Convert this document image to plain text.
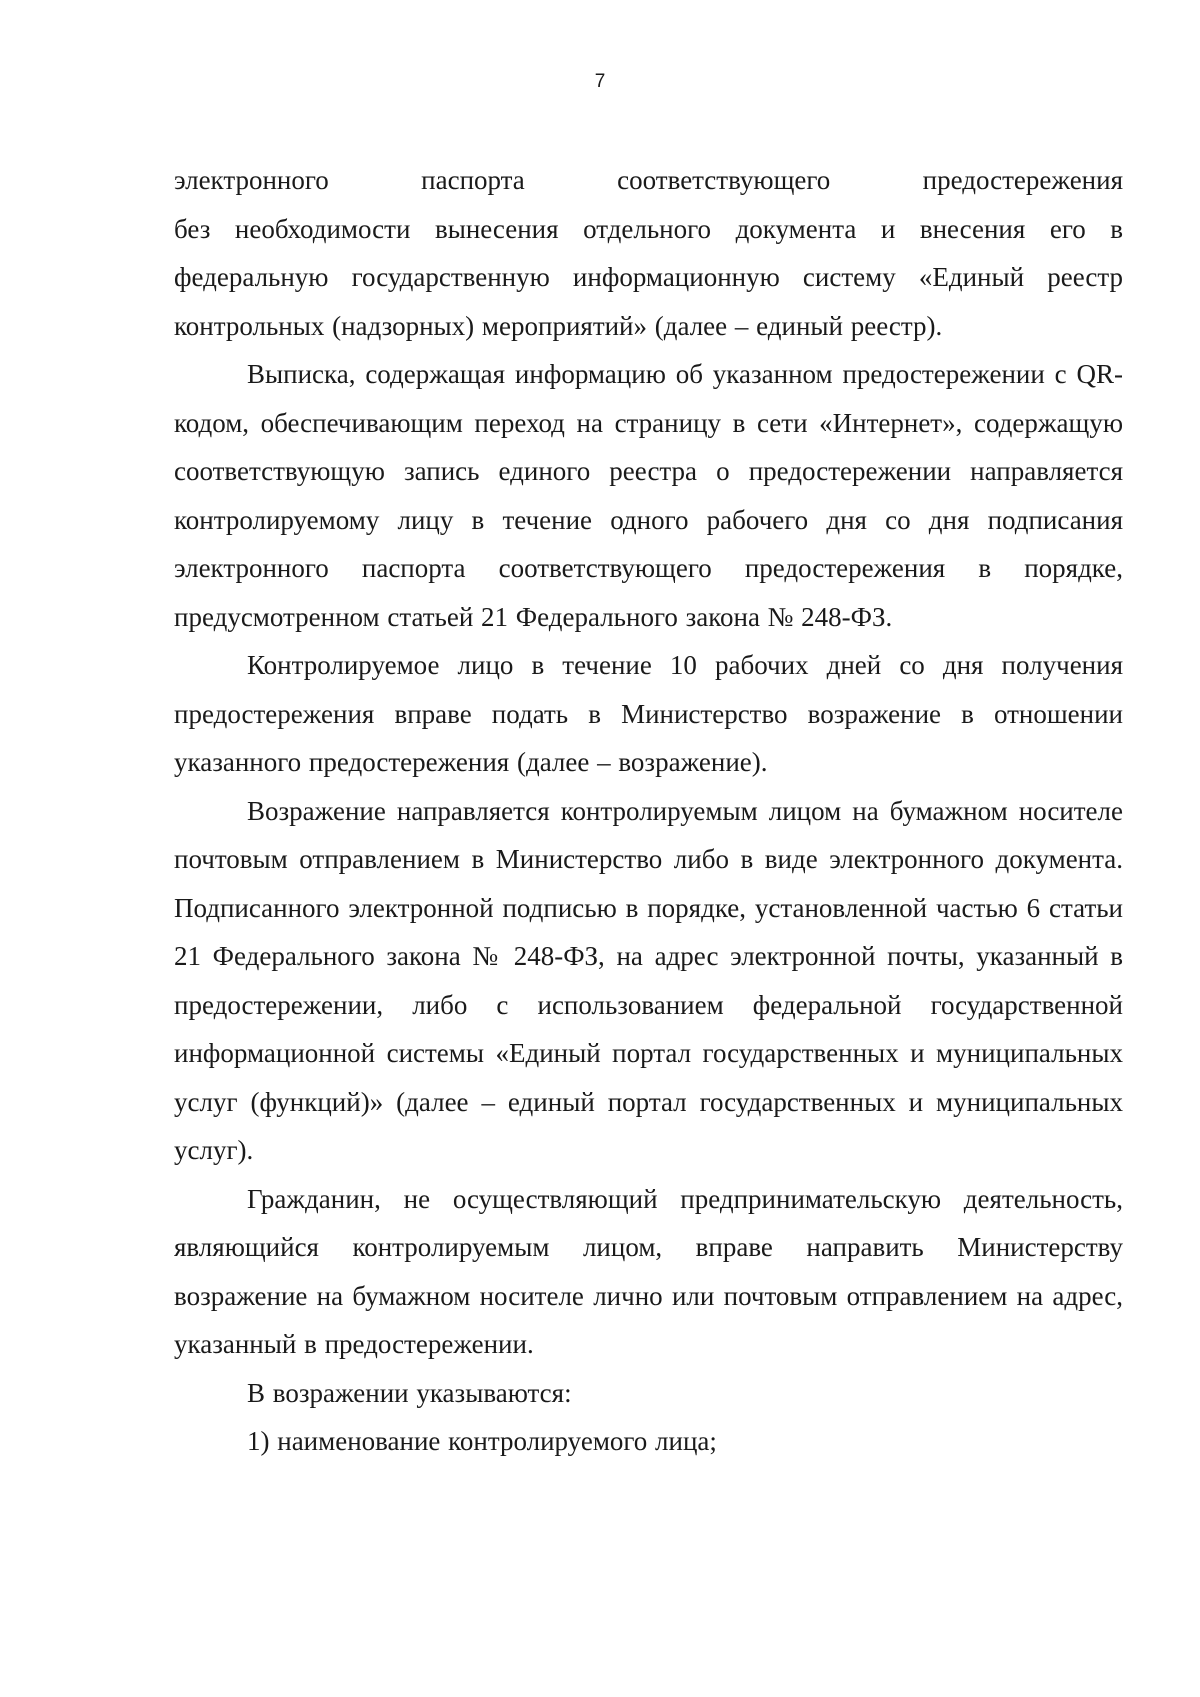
7

электронного паспорта соответствующего предостережения

без необходимости вынесения отдельного документа и внесения его в федеральную государственную информационную систему «Единый реестр контрольных (надзорных) мероприятий» (далее – единый реестр).

Выписка, содержащая информацию об указанном предостережении с QR-кодом, обеспечивающим переход на страницу в сети «Интернет», содержащую соответствующую запись единого реестра о предостережении направляется контролируемому лицу в течение одного рабочего дня со дня подписания электронного паспорта соответствующего предостережения в порядке, предусмотренном статьей 21 Федерального закона № 248-ФЗ.

Контролируемое лицо в течение 10 рабочих дней со дня получения предостережения вправе подать в Министерство возражение в отношении указанного предостережения (далее – возражение).

Возражение направляется контролируемым лицом на бумажном носителе почтовым отправлением в Министерство либо в виде электронного документа. Подписанного электронной подписью в порядке, установленной частью 6 статьи 21 Федерального закона № 248-ФЗ, на адрес электронной почты, указанный в предостережении, либо с использованием федеральной государственной информационной системы «Единый портал государственных и муниципальных услуг (функций)» (далее – единый портал государственных и муниципальных услуг).

Гражданин, не осуществляющий предпринимательскую деятельность, являющийся контролируемым лицом, вправе направить Министерству возражение на бумажном носителе лично или почтовым отправлением на адрес, указанный в предостережении.

В возражении указываются:

1) наименование контролируемого лица;
